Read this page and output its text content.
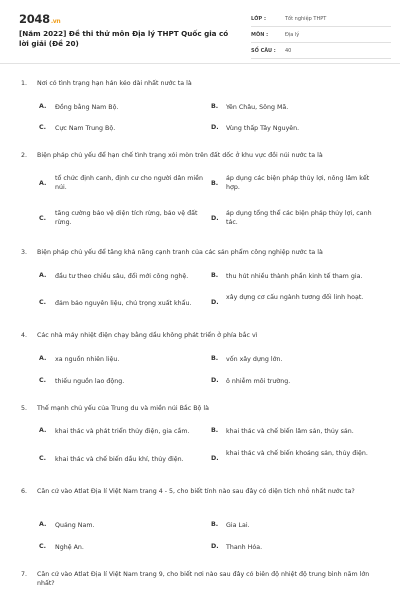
2048.vn
[Năm 2022] Đề thi thử môn Địa lý THPT Quốc gia có lời giải (Đề 20)
LỚP :	Tốt nghiệp THPT
MÔN :	Địa lý
SỐ CÂU : 40
1. Nơi có tình trạng hạn hán kéo dài nhất nước ta là
A. Đồng bằng Nam Bộ.	B. Yên Châu, Sông Mã.
C. Cực Nam Trung Bộ.	D. Vùng thấp Tây Nguyên.
2. Biện pháp chủ yếu để hạn chế tình trạng xói mòn trên đất dốc ở khu vực đồi núi nước ta là
A.
tổ chức định canh, định cư cho người dân miền núi.
B.
áp dụng các biện pháp thủy lợi, nông lâm kết hợp.
C.
tăng cường bảo vệ diện tích rừng, bảo vệ đất rừng.
D.
áp dụng tổng thể các biện pháp thủy lợi, canh tác.
3. Biện pháp chủ yếu để tăng khả năng cạnh tranh của các sản phẩm công nghiệp nước ta là
A. đầu tư theo chiều sâu, đổi mới công nghệ.	B. thu hút nhiều thành phần kinh tế tham gia.
C. đảm bảo nguyên liệu, chú trọng xuất khẩu.	D.
xây dựng cơ cấu ngành tương đối linh hoạt.
4. Các nhà máy nhiệt điện chạy bằng dầu không phát triển ở phía bắc vì
A. xa nguồn nhiên liệu.	B. vốn xây dựng lớn.
C. thiếu nguồn lao động.	D. ô nhiễm môi trường.
5. Thế mạnh chủ yếu của Trung du và miền núi Bắc Bộ là
A. khai thác và phát triển thủy điện, gia cầm.	B. khai thác và chế biến lâm sản, thủy sản.
C. khai thác và chế biến dầu khí, thủy điện.	D.
khai thác và chế biến khoáng sản, thủy điện.
6. Căn cứ vào Atlat Địa lí Việt Nam trang 4 - 5, cho biết tỉnh nào sau đây có diện tích nhỏ nhất nước ta?
A. Quảng Nam.	B. Gia Lai.
C. Nghệ An.	D. Thanh Hóa.
7. Căn cứ vào Atlat Địa lí Việt Nam trang 9, cho biết nơi nào sau đây có biên độ nhiệt độ trung bình năm lớn nhất?
